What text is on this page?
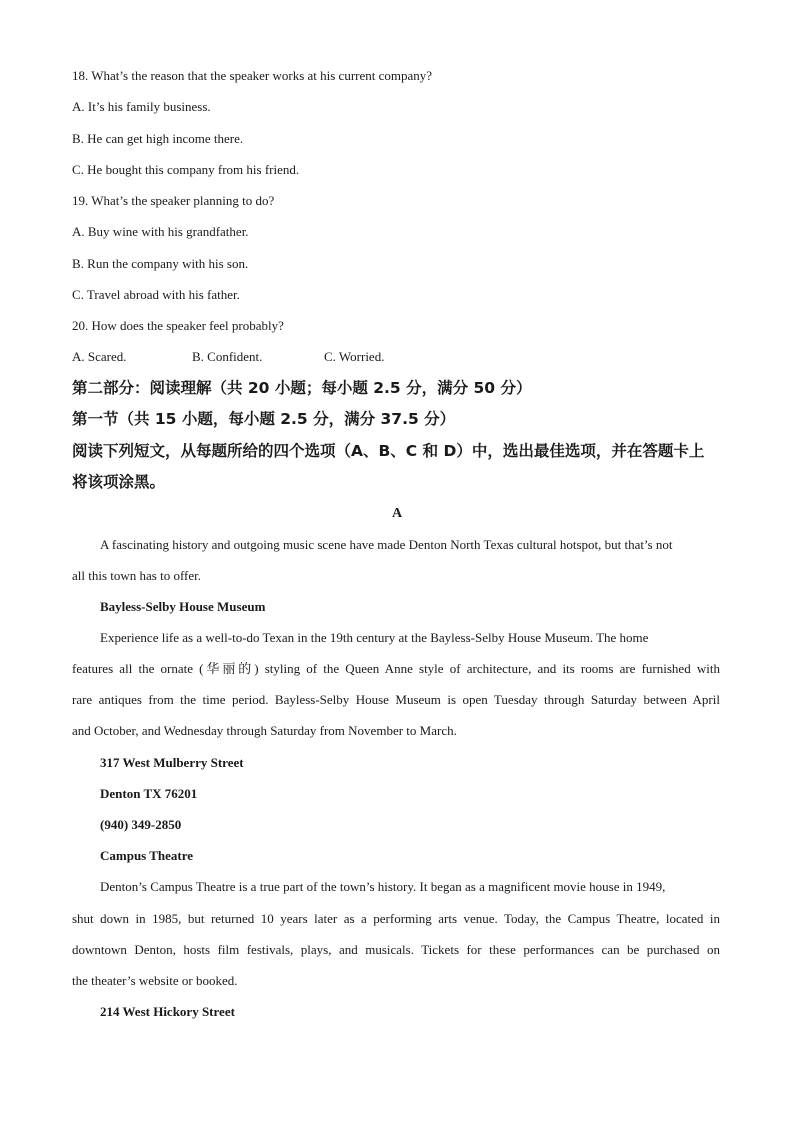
18. What’s the reason that the speaker works at his current company?

A. It’s his family business.

B. He can get high income there.

C. He bought this company from his friend.

19. What’s the speaker planning to do?

A. Buy wine with his grandfather.

B. Run the company with his son.

C. Travel abroad with his father.

20. How does the speaker feel probably?

A. Scared.	B. Confident.	C. Worried.

第二部分：阅读理解（共 20 小题；每小题 2.5 分，满分 50 分）

第一节（共 15 小题，每小题 2.5 分，满分 37.5 分）

阅读下列短文，从每题所给的四个选项（A、B、C 和 D）中，选出最佳选项，并在答题卡上

将该项涂黑。

A

A fascinating history and outgoing music scene have made Denton North Texas cultural hotspot, but that’s not

all this town has to offer.

Bayless-Selby House Museum

Experience life as a well-to-do Texan in the 19th century at the Bayless-Selby House Museum. The home

features all the ornate (华丽的) styling of the Queen Anne style of architecture, and its rooms are furnished with

rare antiques from the time period. Bayless-Selby House Museum is open Tuesday through Saturday between April

and October, and Wednesday through Saturday from November to March.

317 West Mulberry Street

Denton TX 76201

(940) 349-2850

Campus Theatre

Denton’s Campus Theatre is a true part of the town’s history. It began as a magnificent movie house in 1949,

shut down in 1985, but returned 10 years later as a performing arts venue. Today, the Campus Theatre, located in

downtown Denton, hosts film festivals, plays, and musicals. Tickets for these performances can be purchased on

the theater’s website or booked.

214 West Hickory Street
